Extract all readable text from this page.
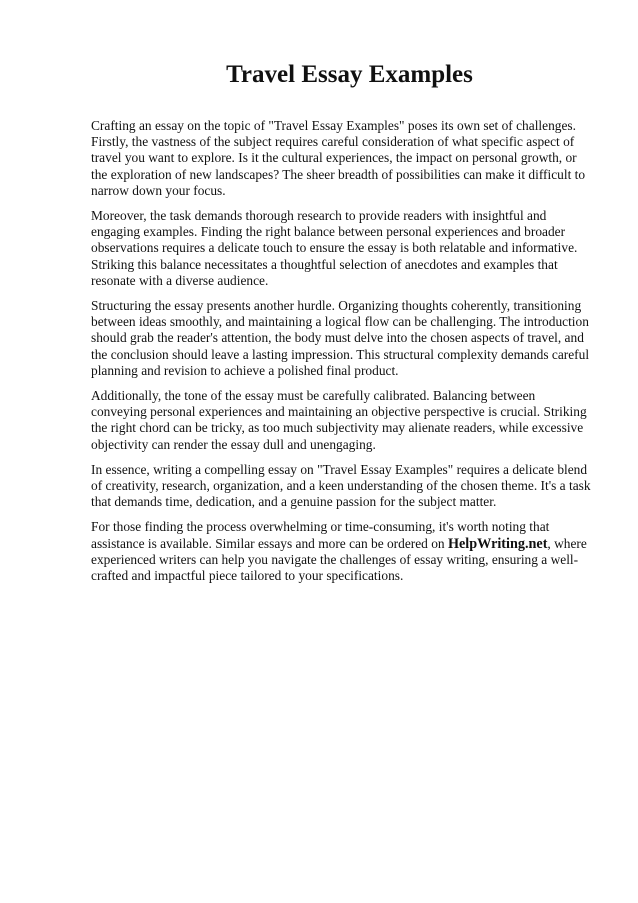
Travel Essay Examples

Crafting an essay on the topic of "Travel Essay Examples" poses its own set of challenges. Firstly, the vastness of the subject requires careful consideration of what specific aspect of travel you want to explore. Is it the cultural experiences, the impact on personal growth, or the exploration of new landscapes? The sheer breadth of possibilities can make it difficult to narrow down your focus.

Moreover, the task demands thorough research to provide readers with insightful and engaging examples. Finding the right balance between personal experiences and broader observations requires a delicate touch to ensure the essay is both relatable and informative. Striking this balance necessitates a thoughtful selection of anecdotes and examples that resonate with a diverse audience.

Structuring the essay presents another hurdle. Organizing thoughts coherently, transitioning between ideas smoothly, and maintaining a logical flow can be challenging. The introduction should grab the reader's attention, the body must delve into the chosen aspects of travel, and the conclusion should leave a lasting impression. This structural complexity demands careful planning and revision to achieve a polished final product.

Additionally, the tone of the essay must be carefully calibrated. Balancing between conveying personal experiences and maintaining an objective perspective is crucial. Striking the right chord can be tricky, as too much subjectivity may alienate readers, while excessive objectivity can render the essay dull and unengaging.

In essence, writing a compelling essay on "Travel Essay Examples" requires a delicate blend of creativity, research, organization, and a keen understanding of the chosen theme. It's a task that demands time, dedication, and a genuine passion for the subject matter.

For those finding the process overwhelming or time-consuming, it's worth noting that assistance is available. Similar essays and more can be ordered on HelpWriting.net, where experienced writers can help you navigate the challenges of essay writing, ensuring a well-crafted and impactful piece tailored to your specifications.
